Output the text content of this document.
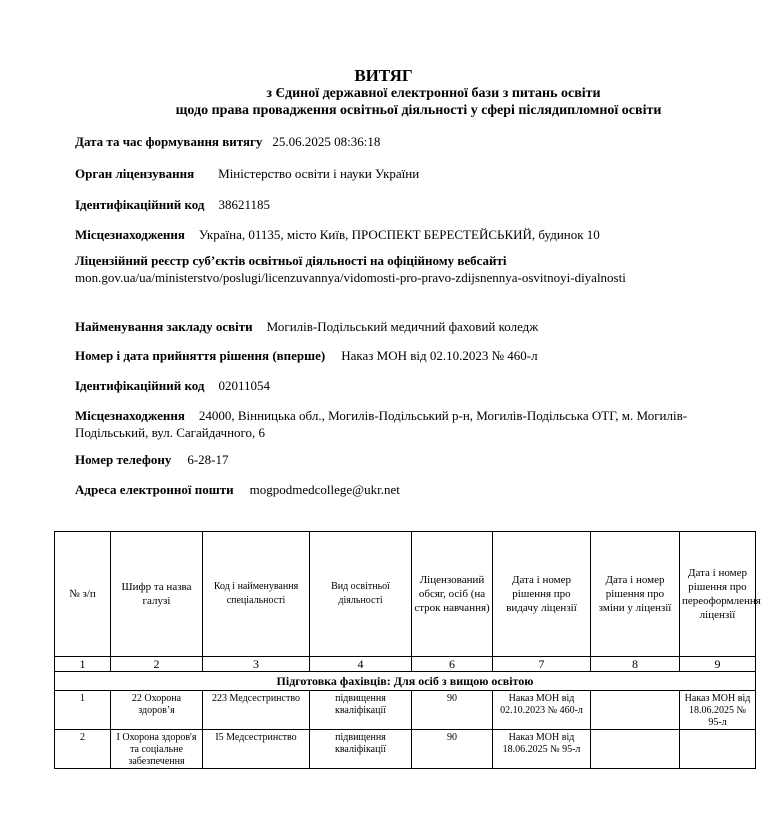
ВИТЯГ
з Єдиної державної електронної бази з питань освіти
щодо права провадження освітньої діяльності у сфері післядипломної освіти
Дата та час формування витягу 25.06.2025 08:36:18
Орган ліцензування Міністерство освіти і науки України
Ідентифікаційний код 38621185
Місцезнаходження Україна, 01135, місто Київ, ПРОСПЕКТ БЕРЕСТЕЙСЬКИЙ, будинок 10
Ліцензійний реєстр суб’єктів освітньої діяльності на офіційному вебсайті
mon.gov.ua/ua/ministerstvo/poslugi/licenzuvannya/vidomosti-pro-pravo-zdijsnennya-osvitnoyi-diyalnosti
Найменування закладу освіти Могилів-Подільський медичний фаховий коледж
Номер і дата прийняття рішення (вперше) Наказ МОН від 02.10.2023 № 460-л
Ідентифікаційний код 02011054
Місцезнаходження 24000, Вінницька обл., Могилів-Подільський р-н, Могилів-Подільська ОТГ, м. Могилів-Подільський, вул. Сагайдачного, 6
Номер телефону 6-28-17
Адреса електронної пошти mogpodmedcollege@ukr.net
№ з/п	Шифр та назва галузі	Код і найменування спеціальності	Вид освітньої діяльності	Ліцензований обсяг, осіб (на строк навчання)	Дата і номер рішення про видачу ліцензії	Дата і номер рішення про зміни у ліцензії	Дата і номер рішення про переоформлення ліцензії
1	2	3	4	6	7	8	9
Підготовка фахівців: Для осіб з вищою освітою							
1	22 Охорона здоров’я	223 Медсестринство	підвищення кваліфікації	90	Наказ МОН від 02.10.2023 № 460-л		Наказ МОН від 18.06.2025 № 95-л
2	I Охорона здоров'я та соціальне забезпечення	I5 Медсестринство	підвищення кваліфікації	90	Наказ МОН від 18.06.2025 № 95-л		
